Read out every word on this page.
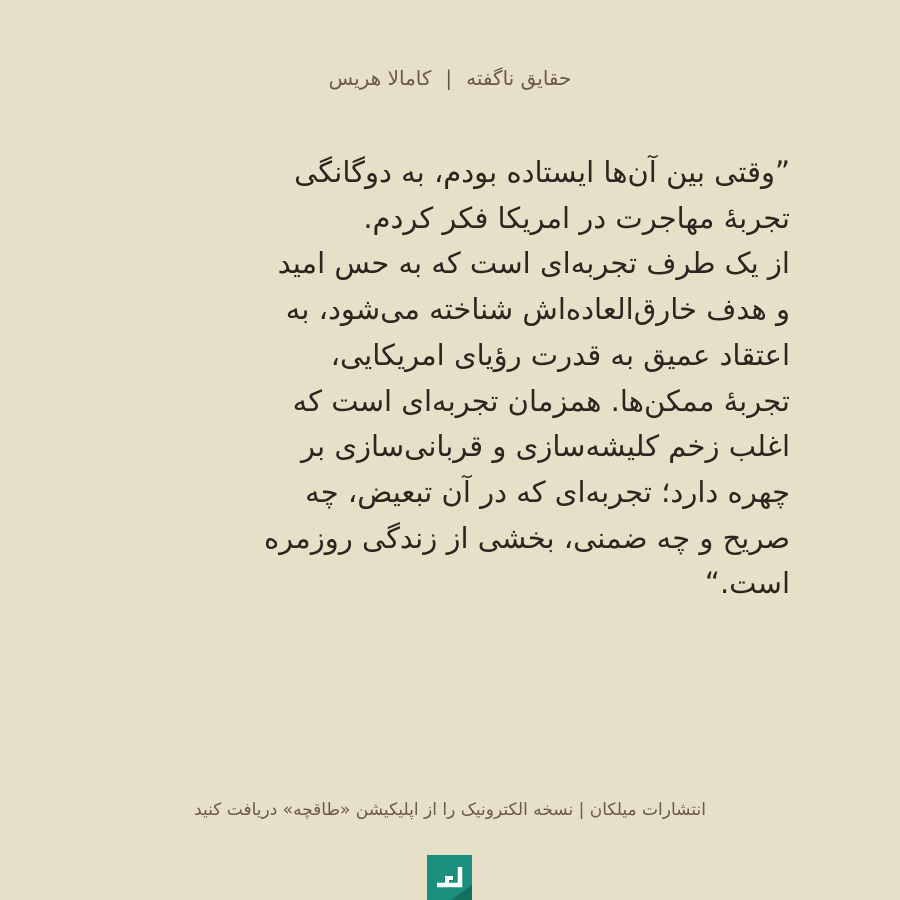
حقایق ناگفته|کامالا هریس
”وقتی بین آن‌ها ایستاده بودم، به دوگانگی
تجربهٔ مهاجرت در امریکا فکر کردم.
از یک طرف تجربه‌ای است که به حس امید
و هدف خارق‌العاده‌اش شناخته می‌شود، به
اعتقاد عمیق به قدرت رؤیای امریکایی،
تجربهٔ ممکن‌ها. همزمان تجربه‌ای است که
اغلب زخم کلیشه‌سازی و قربانی‌سازی بر
چهره دارد؛ تجربه‌ای که در آن تبعیض، چه
صریح و چه ضمنی، بخشی از زندگی روزمره
است.“
انتشارات میلکان | نسخه الکترونیک را از اپلیکیشن «طاقچه» دریافت کنید
